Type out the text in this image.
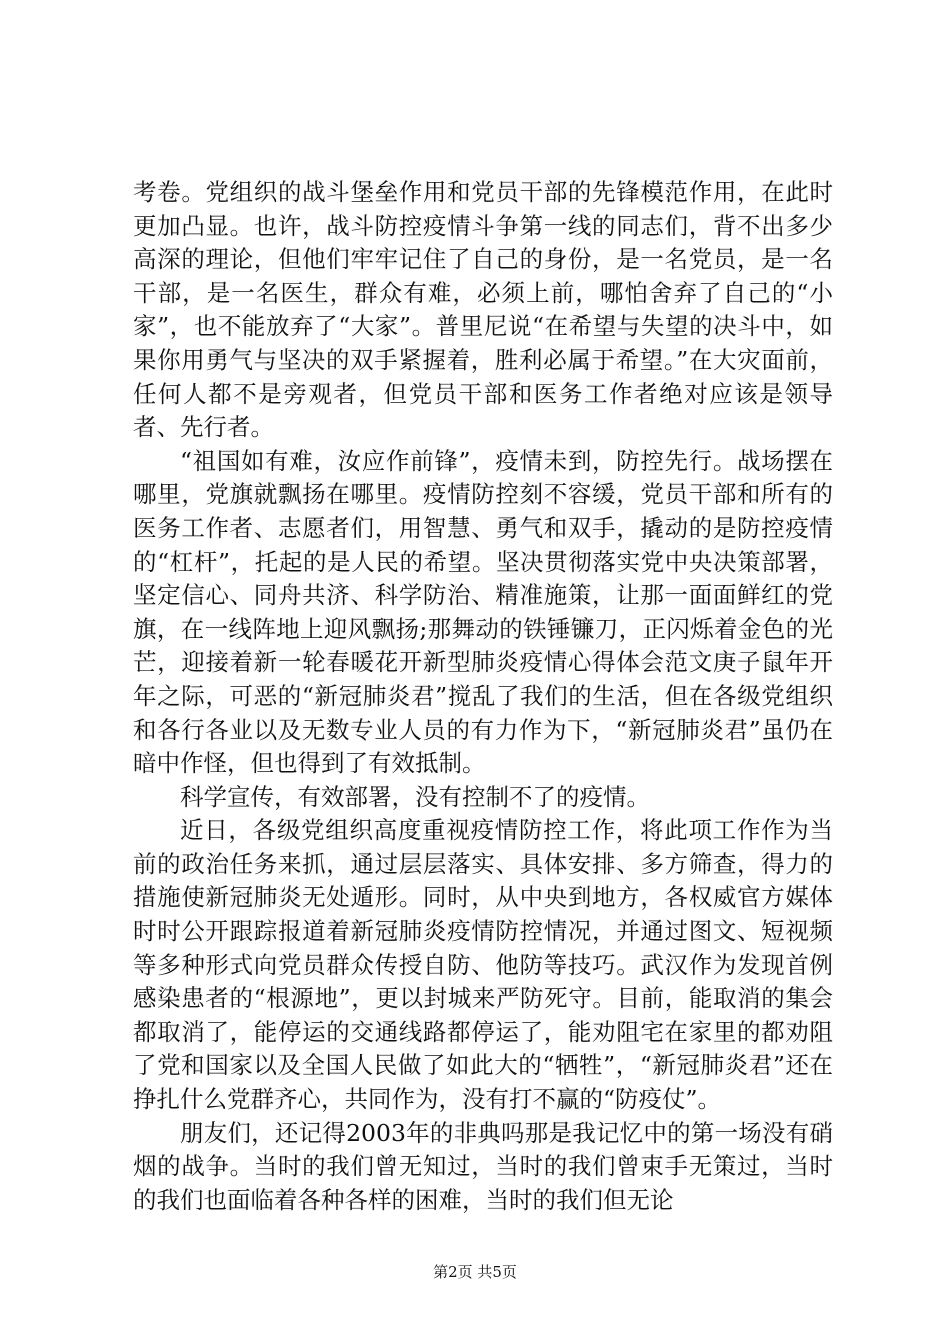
考卷。党组织的战斗堡垒作用和党员干部的先锋模范作用，在此时更加凸显。也许，战斗防控疫情斗争第一线的同志们，背不出多少高深的理论，但他们牢牢记住了自己的身份，是一名党员，是一名干部，是一名医生，群众有难，必须上前，哪怕舍弃了自己的“小家”，也不能放弃了“大家”。普里尼说“在希望与失望的决斗中，如果你用勇气与坚决的双手紧握着，胜利必属于希望。”在大灾面前，任何人都不是旁观者，但党员干部和医务工作者绝对应该是领导者、先行者。

“祖国如有难，汝应作前锋”，疫情未到，防控先行。战场摆在哪里，党旗就飘扬在哪里。疫情防控刻不容缓，党员干部和所有的医务工作者、志愿者们，用智慧、勇气和双手，撬动的是防控疫情的“杠杆”，托起的是人民的希望。坚决贯彻落实党中央决策部署，坚定信心、同舟共济、科学防治、精准施策，让那一面面鲜红的党旗，在一线阵地上迎风飘扬;那舞动的铁锤镰刀，正闪烁着金色的光芒，迎接着新一轮春暖花开新型肺炎疫情心得体会范文庚子鼠年开年之际，可恶的“新冠肺炎君”搅乱了我们的生活，但在各级党组织和各行各业以及无数专业人员的有力作为下，“新冠肺炎君”虽仍在暗中作怪，但也得到了有效抵制。

科学宣传，有效部署，没有控制不了的疫情。

近日，各级党组织高度重视疫情防控工作，将此项工作作为当前的政治任务来抓，通过层层落实、具体安排、多方筛查，得力的措施使新冠肺炎无处遁形。同时，从中央到地方，各权威官方媒体时时公开跟踪报道着新冠肺炎疫情防控情况，并通过图文、短视频等多种形式向党员群众传授自防、他防等技巧。武汉作为发现首例感染患者的“根源地”，更以封城来严防死守。目前，能取消的集会都取消了，能停运的交通线路都停运了，能劝阻宅在家里的都劝阻了党和国家以及全国人民做了如此大的“牺牲”，“新冠肺炎君”还在挣扎什么党群齐心，共同作为，没有打不赢的“防疫仗”。

朋友们，还记得2003年的非典吗那是我记忆中的第一场没有硝烟的战争。当时的我们曾无知过，当时的我们曾束手无策过，当时的我们也面临着各种各样的困难，当时的我们但无论

第2页 共5页
